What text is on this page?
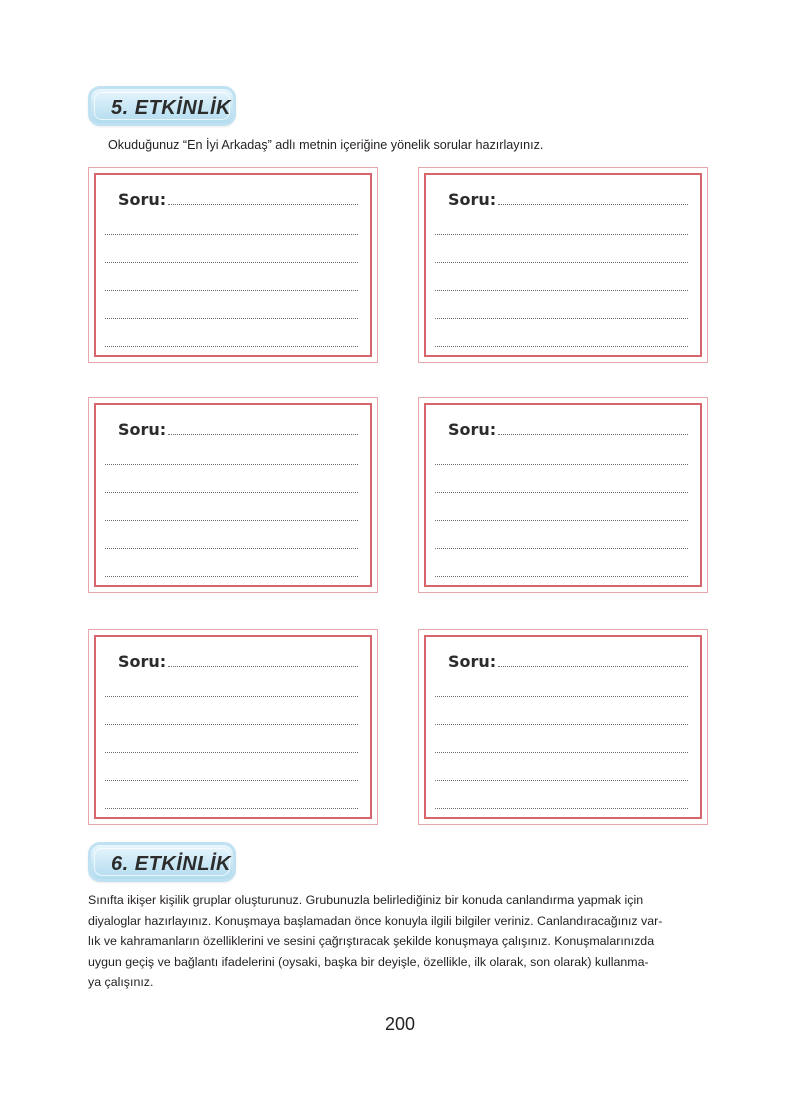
5. ETKİNLİK
Okuduğunuz “En İyi Arkadaş” adlı metnin içeriğine yönelik sorular hazırlayınız.
Soru:	Soru:
Soru:	Soru:
Soru:	Soru:
6. ETKİNLİK
Sınıfta ikişer kişilik gruplar oluşturunuz. Grubunuzla belirlediğiniz bir konuda canlandırma yapmak için
diyaloglar hazırlayınız. Konuşmaya başlamadan önce konuyla ilgili bilgiler veriniz. Canlandıracağınız var-
lık ve kahramanların özelliklerini ve sesini çağrıştıracak şekilde konuşmaya çalışınız. Konuşmalarınızda
uygun geçiş ve bağlantı ifadelerini (oysaki, başka bir deyişle, özellikle, ilk olarak, son olarak) kullanma-
ya çalışınız.
200
